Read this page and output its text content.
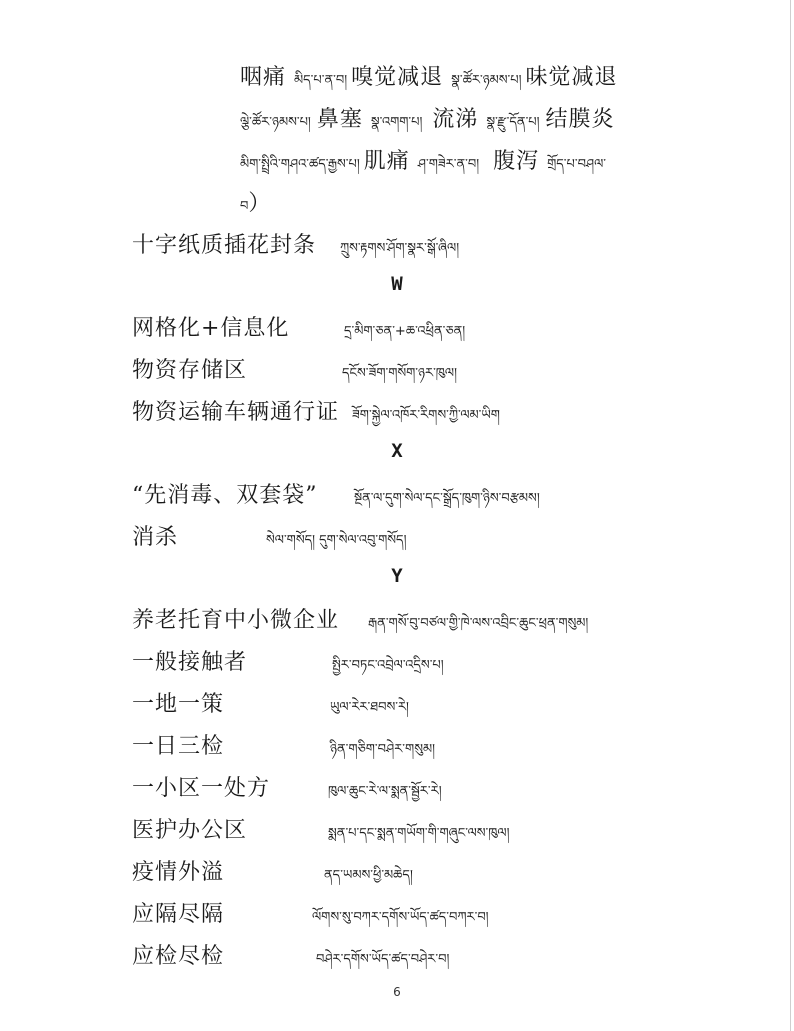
咽痛 མིད་པ་ན་བ། 嗅觉减退 སྣ་ཚོར་ཉམས་པ། 味觉减退
ལྕེ་ཚོར་ཉམས་པ། 鼻塞 སྣ་འགག་པ། 流涕 སྣ་རྫུ་དོན་པ། 结膜炎
མིག་སྤྲིའི་གཤའ་ཚད་རྒྱས་པ། 肌痛 ཤ་གཟེར་ན་བ། 腹泻 གྲོད་པ་བཤལ་
བ ）
十字纸质插花封条	ཀྲུས་རྟགས་ཤོག་སྣར་སྒོ་ཞིལ།
W
网格化+信息化	དྲ་མིག་ཅན་+ཆ་འཕྲིན་ཅན།
物资存储区	དངོས་ཟོག་གསོག་ཉར་ཁུལ།
物资运输车辆通行证 ཟོག་སྐྱེལ་འཁོར་རིགས་ཀྱི་ལམ་ཡིག
X
“先消毒、双套袋”	སྔོན་ལ་དུག་སེལ་དང་སྒྲོད་ཁུག་ཉིས་བརྩམས།
消杀	སེལ་གསོད། དུག་སེལ་འབུ་གསོད།
Y
养老托育中小微企业	རྒན་གསོ་བུ་བཙལ་གྱི་ཁེ་ལས་འབྲིང་ཆུང་ཕྲན་གསུམ།
一般接触者	སྤྱིར་བཏང་འབྲེལ་འདྲིས་པ།
一地一策	ཡུལ་རེར་ཐབས་རེ།
一日三检	ཉིན་གཅིག་བཤེར་གསུམ།
一小区一处方	ཁུལ་ཆུང་རེ་ལ་སྨན་སྦྱོར་རེ།
医护办公区	སྨན་པ་དང་སྨན་གཡོག་གི་གཞུང་ལས་ཁུལ།
疫情外溢	ནད་ཡམས་ཕྱི་མཆེད།
应隔尽隔	ལོགས་སུ་བཀར་དགོས་ཡོད་ཚད་བཀར་བ།
应检尽检	བཤེར་དགོས་ཡོད་ཚད་བཤེར་བ།
6
